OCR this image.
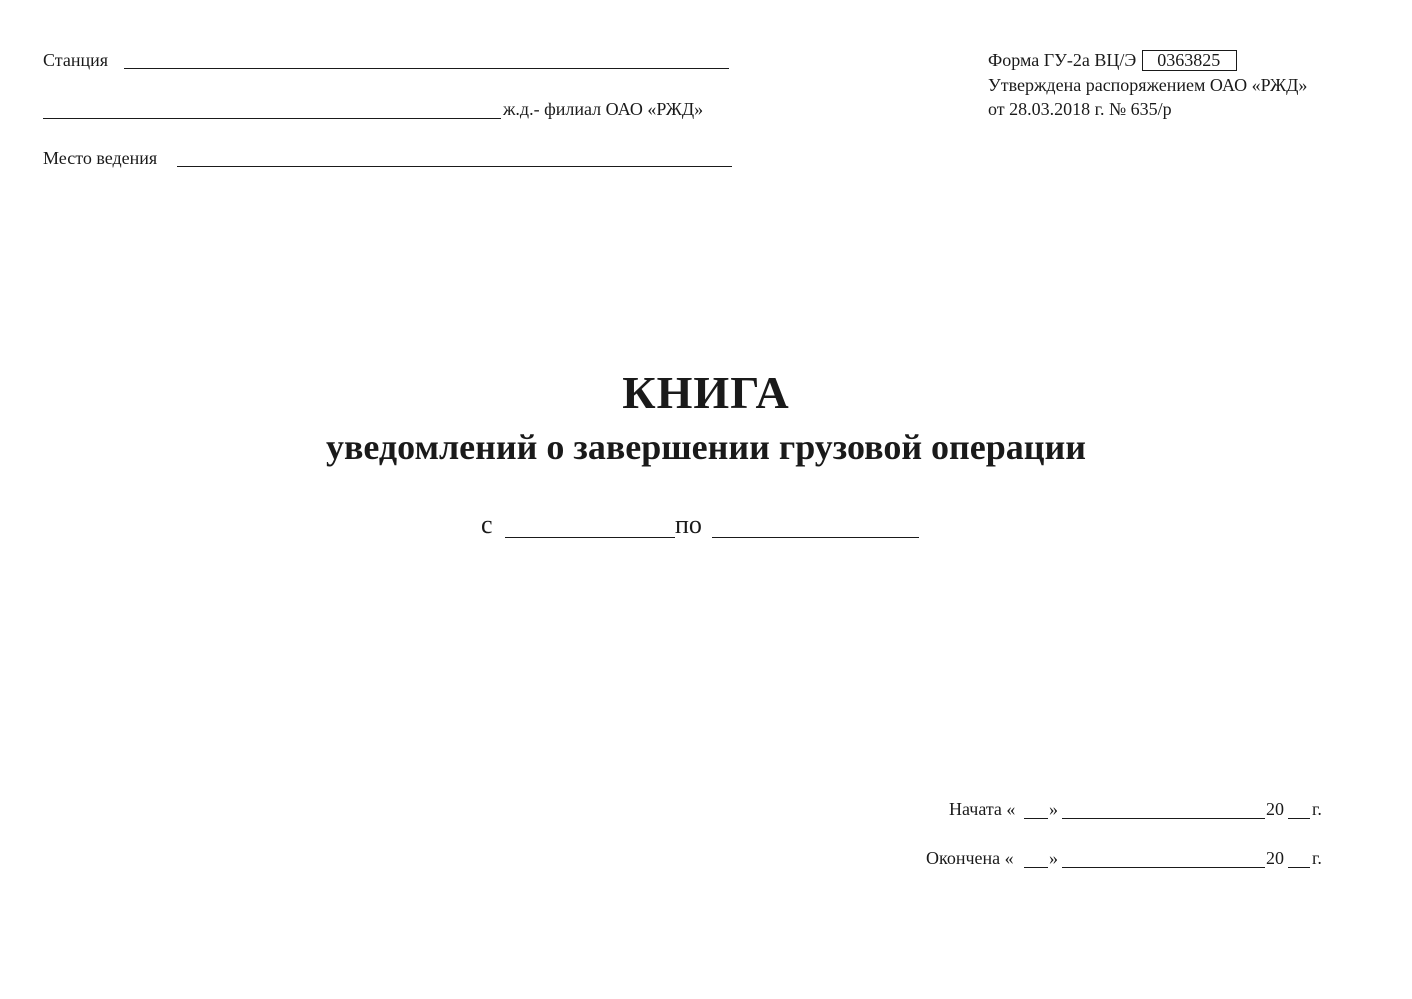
Станция
ж.д.- филиал ОАО «РЖД»
Место ведения
Форма ГУ-2а ВЦ/Э 0363825
Утверждена распоряжением ОАО «РЖД»
от 28.03.2018 г. № 635/р
КНИГА
уведомлений о завершении грузовой операции
с	по
Начата « »	20 г.
Окончена « »	20 г.
